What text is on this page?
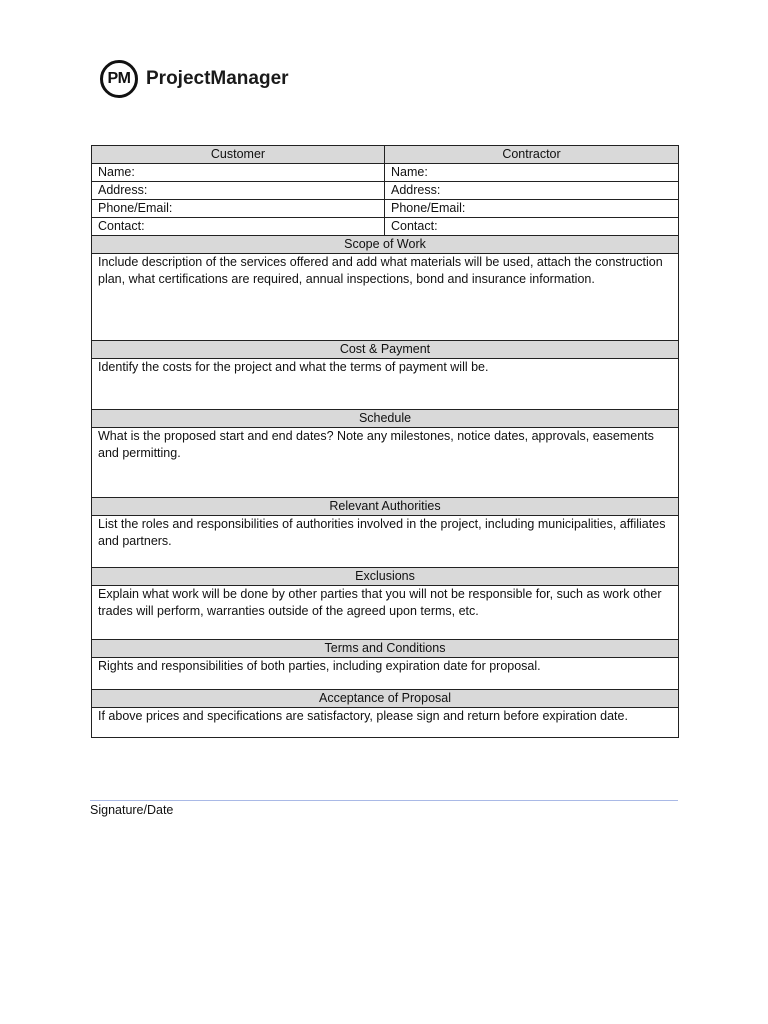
PM ProjectManager
Customer	Contractor
Name:	Name:
Address:	Address:
Phone/Email:	Phone/Email:
Contact:	Contact:
Scope of Work	
Include description of the services offered and add what materials will be used, attach the construction plan, what certifications are required, annual inspections, bond and insurance information.	
Cost & Payment	
Identify the costs for the project and what the terms of payment will be.	
Schedule	
What is the proposed start and end dates? Note any milestones, notice dates, approvals, easements and permitting.	
Relevant Authorities	
List the roles and responsibilities of authorities involved in the project, including municipalities, affiliates and partners.	
Exclusions	
Explain what work will be done by other parties that you will not be responsible for, such as work other trades will perform, warranties outside of the agreed upon terms, etc.	
Terms and Conditions	
Rights and responsibilities of both parties, including expiration date for proposal.	
Acceptance of Proposal	
If above prices and specifications are satisfactory, please sign and return before expiration date.	
Signature/Date
